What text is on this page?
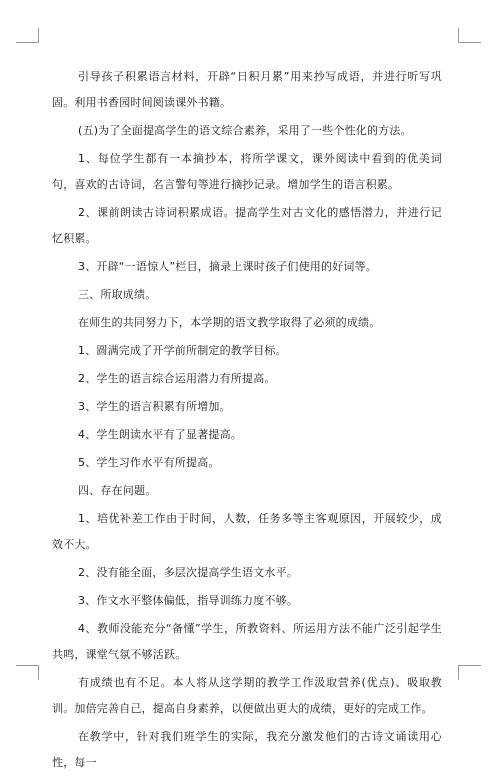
引导孩子积累语言材料，开辟“日积月累”用来抄写成语，并进行听写巩固。利用书香园时间阅读课外书籍。

(五)为了全面提高学生的语文综合素养，采用了一些个性化的方法。

1、每位学生都有一本摘抄本，将所学课文，课外阅读中看到的优美词句，喜欢的古诗词，名言警句等进行摘抄记录。增加学生的语言积累。

2、课前朗读古诗词积累成语。提高学生对古文化的感悟潜力，并进行记忆积累。

3、开辟“一语惊人”栏目，摘录上课时孩子们使用的好词等。

三、所取成绩。

在师生的共同努力下，本学期的语文教学取得了必须的成绩。

1、圆满完成了开学前所制定的教学目标。

2、学生的语言综合运用潜力有所提高。

3、学生的语言积累有所增加。

4、学生朗读水平有了显著提高。

5、学生习作水平有所提高。

四、存在问题。

1、培优补差工作由于时间，人数，任务多等主客观原因，开展较少，成效不大。

2、没有能全面，多层次提高学生语文水平。

3、作文水平整体偏低，指导训练力度不够。

4、教师没能充分“备懂”学生，所教资料、所运用方法不能广泛引起学生共鸣，课堂气氛不够活跃。

有成绩也有不足。本人将从这学期的教学工作汲取营养(优点)、吸取教训。加倍完善自己，提高自身素养，以便做出更大的成绩，更好的完成工作。

在教学中，针对我们班学生的实际，我充分激发他们的古诗文诵读用心性，每一
